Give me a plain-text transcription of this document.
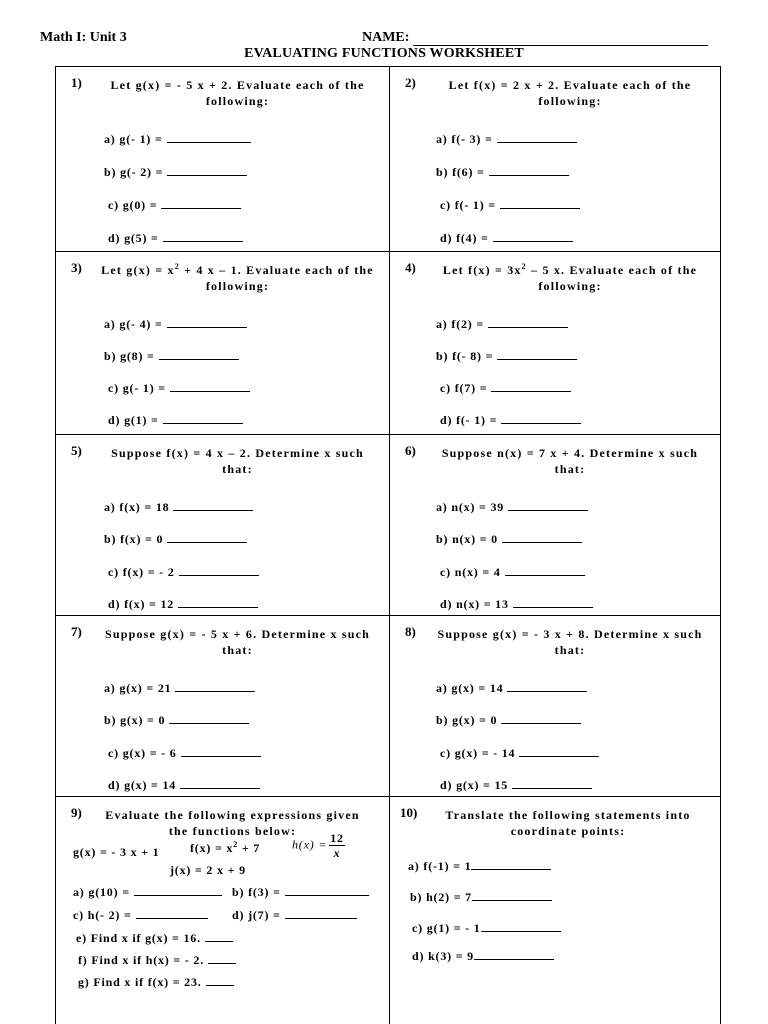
Math I: Unit 3	NAME:
EVALUATING FUNCTIONS WORKSHEET
1)	Let g(x) = - 5 x + 2. Evaluate each of the following:
a) g(- 1) =
b) g(- 2) =
c) g(0) =
d) g(5) =
2)	Let f(x) = 2 x + 2. Evaluate each of the following:
a) f(- 3) =
b) f(6) =
c) f(- 1) =
d) f(4) =
3)	Let $g(x) = x^2 + 4$ x – 1. Evaluate each of the following:
a) g(- 4) =
b) g(8) =
c) g(- 1) =
d) g(1) =
4)	Let $f(x) = 3x^2 - 5$ x. Evaluate each of the following:
a) f(2) =
b) f(- 8) =
c) f(7) =
d) f(- 1) =
5)	Suppose f(x) = 4 x – 2. Determine x such that:
a) f(x) = 18
b) f(x) = 0
c) f(x) = - 2
d) f(x) = 12
6)	Suppose n(x) = 7 x + 4. Determine x such that:
a) n(x) = 39
b) n(x) = 0
c) n(x) = 4
d) n(x) = 13
7)	Suppose g(x) = - 5 x + 6. Determine x such that:
a) g(x) = 21
b) g(x) = 0
c) g(x) = - 6
d) g(x) = 14
8)	Suppose g(x) = - 3 x + 8. Determine x such that:
a) g(x) = 14
b) g(x) = 0
c) g(x) = - 14
d) g(x) = 15
9)	Evaluate the following expressions given the functions below:
g(x) = - 3 x + 1	$f(x) = x^2 + 7$	$h(x) = \frac{12}{x}$
j(x) = 2 x + 9
a) g(10) =	b) f(3) =
c) h(- 2) =	d) j(7) =
e) Find x if g(x) = 16.
f) Find x if h(x) = - 2.
g) Find x if f(x) = 23.
10)	Translate the following statements into coordinate points:
a) f(-1) = 1
b) h(2) = 7
c) g(1) = - 1
d) k(3) = 9
